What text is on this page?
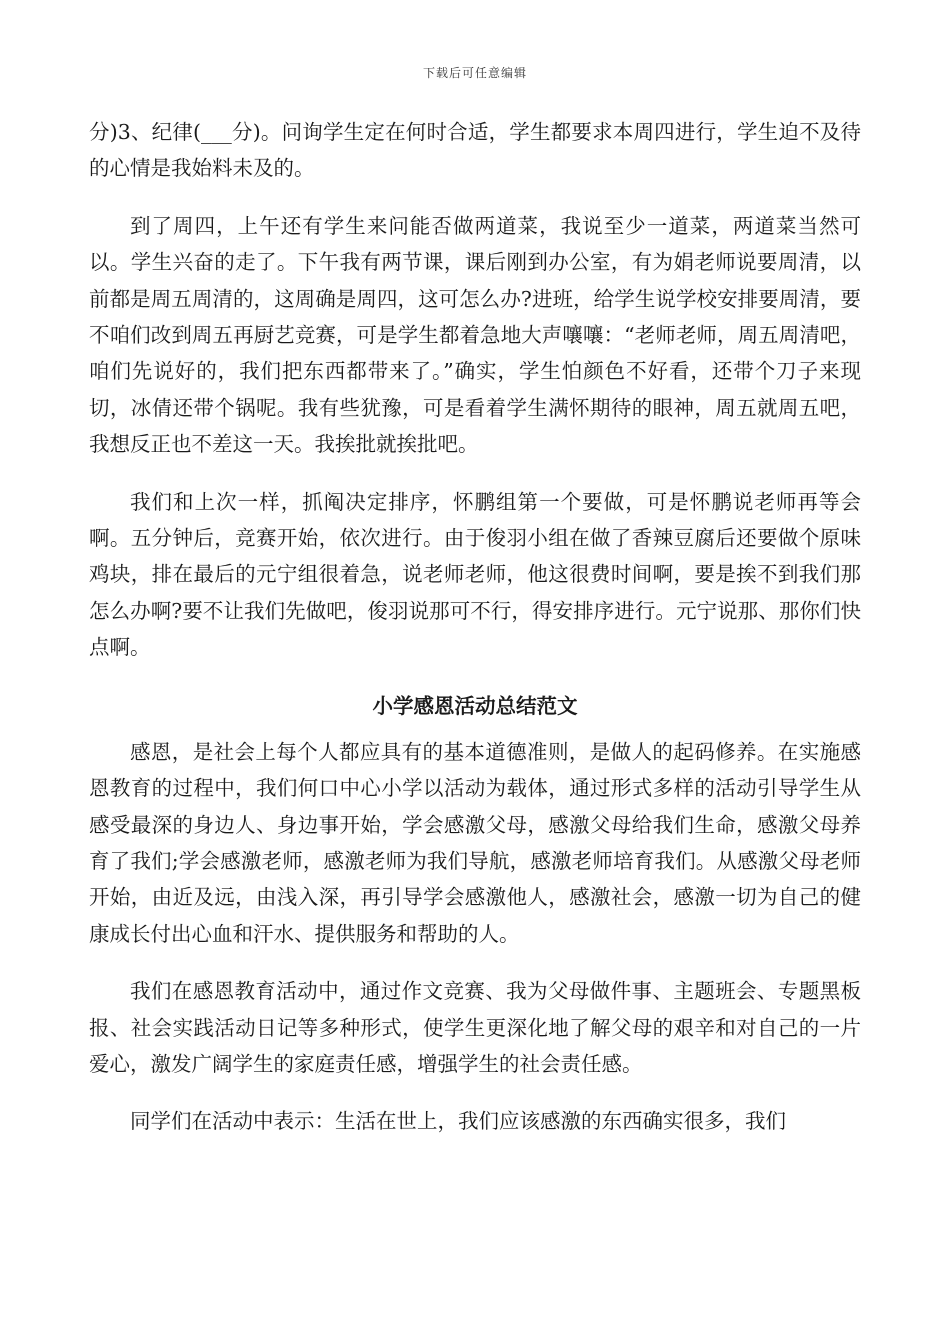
下载后可任意编辑

分)3、纪律(___分)。问询学生定在何时合适，学生都要求本周四进行，学生迫不及待的心情是我始料未及的。

到了周四，上午还有学生来问能否做两道菜，我说至少一道菜，两道菜当然可以。学生兴奋的走了。下午我有两节课，课后刚到办公室，有为娟老师说要周清，以前都是周五周清的，这周确是周四，这可怎么办?进班，给学生说学校安排要周清，要不咱们改到周五再厨艺竞赛，可是学生都着急地大声嚷嚷：“老师老师，周五周清吧，咱们先说好的，我们把东西都带来了。”确实，学生怕颜色不好看，还带个刀子来现切，冰倩还带个锅呢。我有些犹豫，可是看着学生满怀期待的眼神，周五就周五吧，我想反正也不差这一天。我挨批就挨批吧。

我们和上次一样，抓阄决定排序，怀鹏组第一个要做，可是怀鹏说老师再等会啊。五分钟后，竞赛开始，依次进行。由于俊羽小组在做了香辣豆腐后还要做个原味鸡块，排在最后的元宁组很着急，说老师老师，他这很费时间啊，要是挨不到我们那怎么办啊?要不让我们先做吧，俊羽说那可不行，得安排序进行。元宁说那、那你们快点啊。

小学感恩活动总结范文

感恩，是社会上每个人都应具有的基本道德准则，是做人的起码修养。在实施感恩教育的过程中，我们何口中心小学以活动为载体，通过形式多样的活动引导学生从感受最深的身边人、身边事开始，学会感激父母，感激父母给我们生命，感激父母养育了我们;学会感激老师，感激老师为我们导航，感激老师培育我们。从感激父母老师开始，由近及远，由浅入深，再引导学会感激他人，感激社会，感激一切为自己的健康成长付出心血和汗水、提供服务和帮助的人。

我们在感恩教育活动中，通过作文竞赛、我为父母做件事、主题班会、专题黑板报、社会实践活动日记等多种形式，使学生更深化地了解父母的艰辛和对自己的一片爱心，激发广阔学生的家庭责任感，增强学生的社会责任感。

同学们在活动中表示：生活在世上，我们应该感激的东西确实很多，我们
